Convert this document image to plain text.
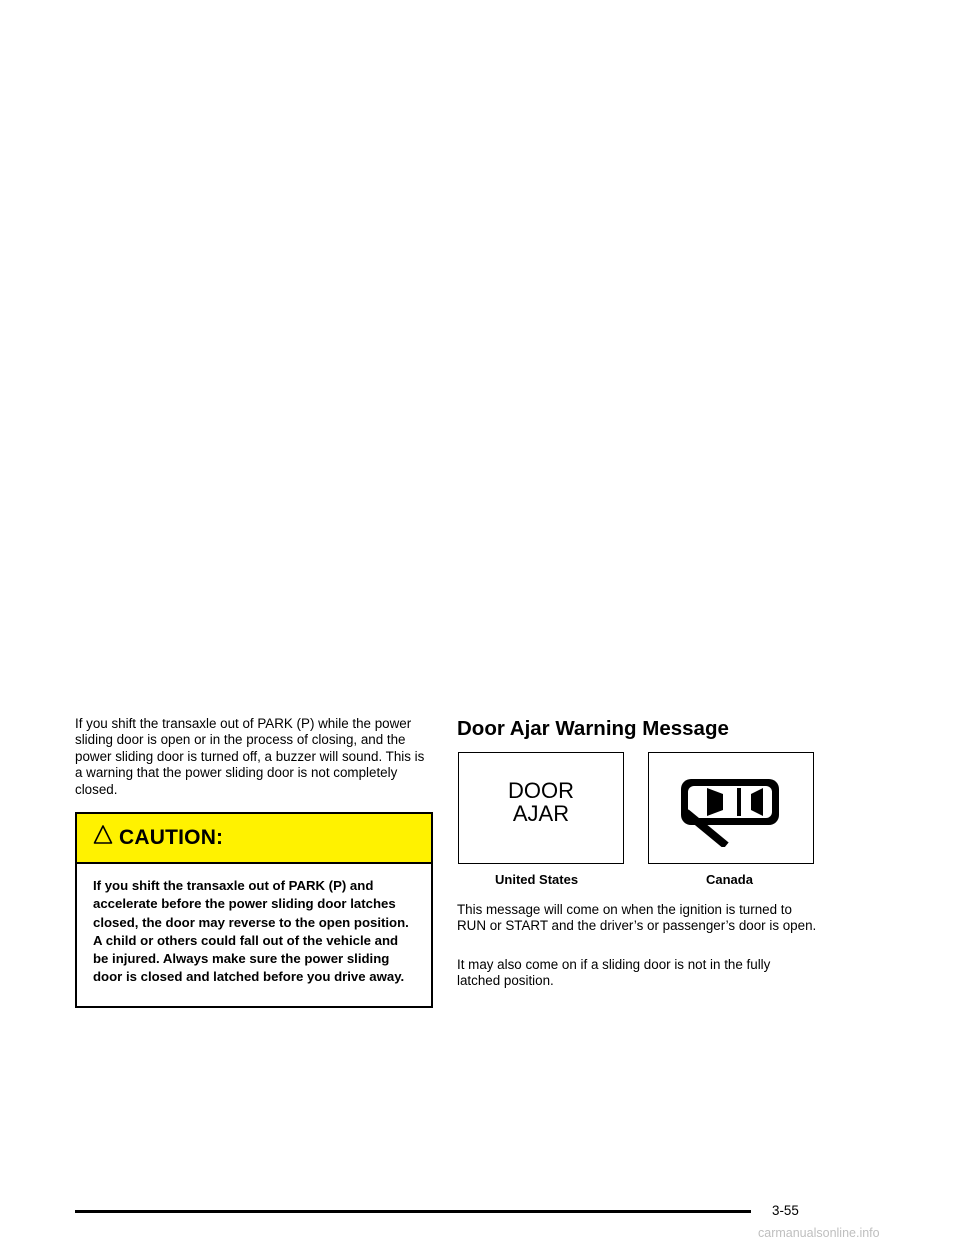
If you shift the transaxle out of PARK (P) while the power sliding door is open or in the process of closing, and the power sliding door is turned off, a buzzer will sound. This is a warning that the power sliding door is not completely closed.

CAUTION:

If you shift the transaxle out of PARK (P) and accelerate before the power sliding door latches closed, the door may reverse to the open position. A child or others could fall out of the vehicle and be injured. Always make sure the power sliding door is closed and latched before you drive away.

Door Ajar Warning Message
DOOR
AJAR
United States	Canada

This message will come on when the ignition is turned to RUN or START and the driver’s or passenger’s door is open.

It may also come on if a sliding door is not in the fully latched position.

3-55
carmanualsonline.info
